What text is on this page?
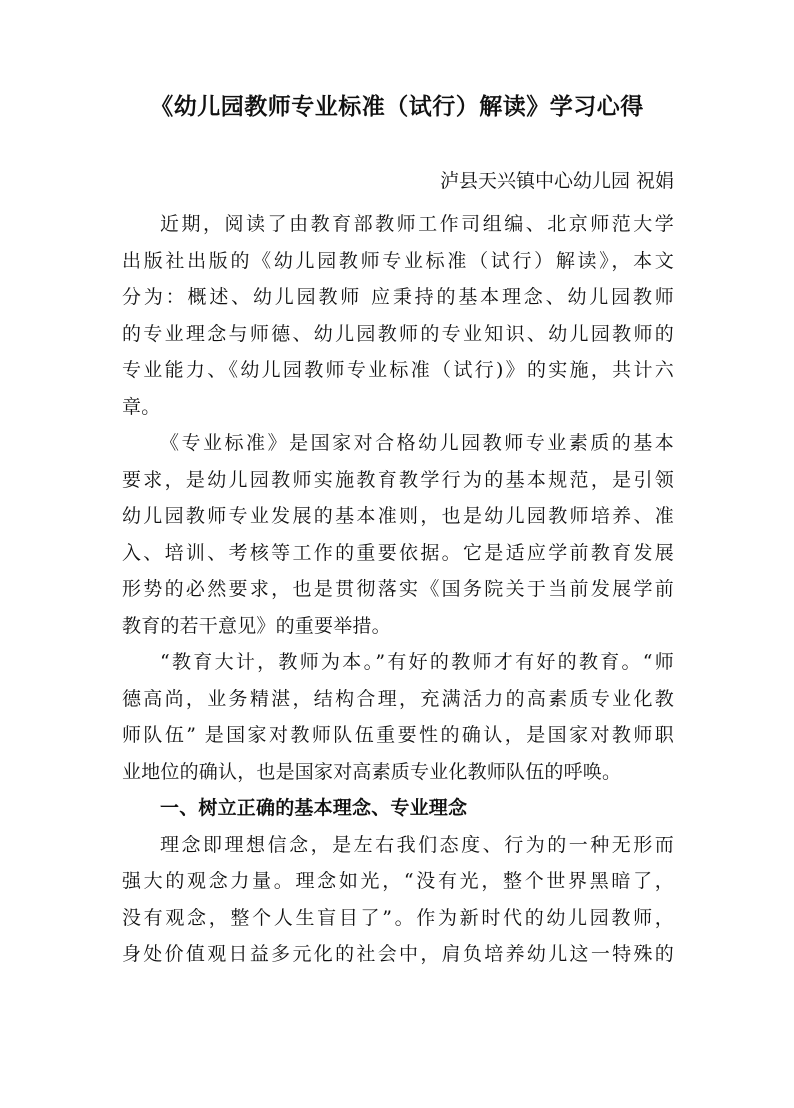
《幼儿园教师专业标准（试行）解读》学习心得
泸县天兴镇中心幼儿园 祝娟
近期，阅读了由教育部教师工作司组编、北京师范大学
出版社出版的《幼儿园教师专业标准（试行）解读》，本文
分为：概述、幼儿园教师 应秉持的基本理念、幼儿园教师
的专业理念与师德、幼儿园教师的专业知识、幼儿园教师的
专业能力、《幼儿园教师专业标准（试行)》的实施，共计六
章。
《专业标准》是国家对合格幼儿园教师专业素质的基本
要求，是幼儿园教师实施教育教学行为的基本规范，是引领
幼儿园教师专业发展的基本准则，也是幼儿园教师培养、准
入、培训、考核等工作的重要依据。它是适应学前教育发展
形势的必然要求，也是贯彻落实《国务院关于当前发展学前
教育的若干意见》的重要举措。
“教育大计，教师为本。”有好的教师才有好的教育。“师
德高尚，业务精湛，结构合理，充满活力的高素质专业化教
师队伍” 是国家对教师队伍重要性的确认，是国家对教师职
业地位的确认，也是国家对高素质专业化教师队伍的呼唤。
一、树立正确的基本理念、专业理念
理念即理想信念，是左右我们态度、行为的一种无形而
强大的观念力量。理念如光，“没有光，整个世界黑暗了，
没有观念，整个人生盲目了”。作为新时代的幼儿园教师，
身处价值观日益多元化的社会中，肩负培养幼儿这一特殊的
